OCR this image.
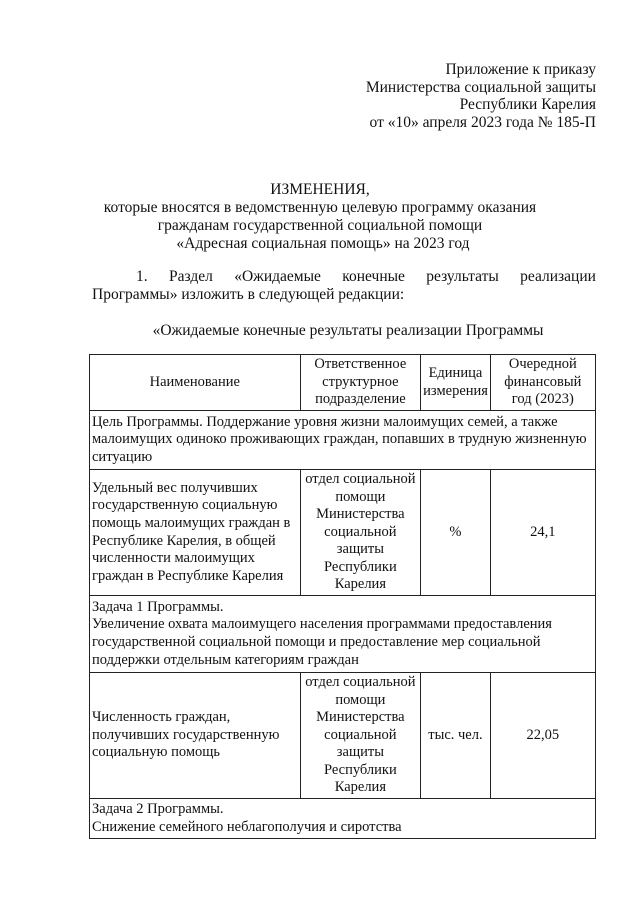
Приложение к приказу
Министерства социальной защиты
Республики Карелия
от «10» апреля 2023 года № 185-П
ИЗМЕНЕНИЯ,
которые вносятся в ведомственную целевую программу оказания
гражданам государственной социальной помощи
«Адресная социальная помощь» на 2023 год
1. Раздел «Ожидаемые конечные результаты реализации
Программы» изложить в следующей редакции:
«Ожидаемые конечные результаты реализации Программы
Наименование	Ответственное структурное подразделение	Единица измерения	Очередной финансовый год (2023)
Цель Программы. Поддержание уровня жизни малоимущих семей, а также малоимущих одиноко проживающих граждан, попавших в трудную жизненную ситуацию			
Удельный вес получивших государственную социальную помощь малоимущих граждан в Республике Карелия, в общей численности малоимущих граждан в Республике Карелия	отдел социальной помощи Министерства социальной защиты Республики Карелия	%	24,1

Задача 1 Программы.
Увеличение охвата малоимущего населения программами предоставления государственной социальной помощи и предоставление мер социальной поддержки отдельным категориям граждан			

Численность граждан, получивших государственную социальную помощь	отдел социальной помощи Министерства социальной защиты Республики Карелия	тыс. чел.	22,05

Задача 2 Программы.
Снижение семейного неблагополучия и сиротства			
